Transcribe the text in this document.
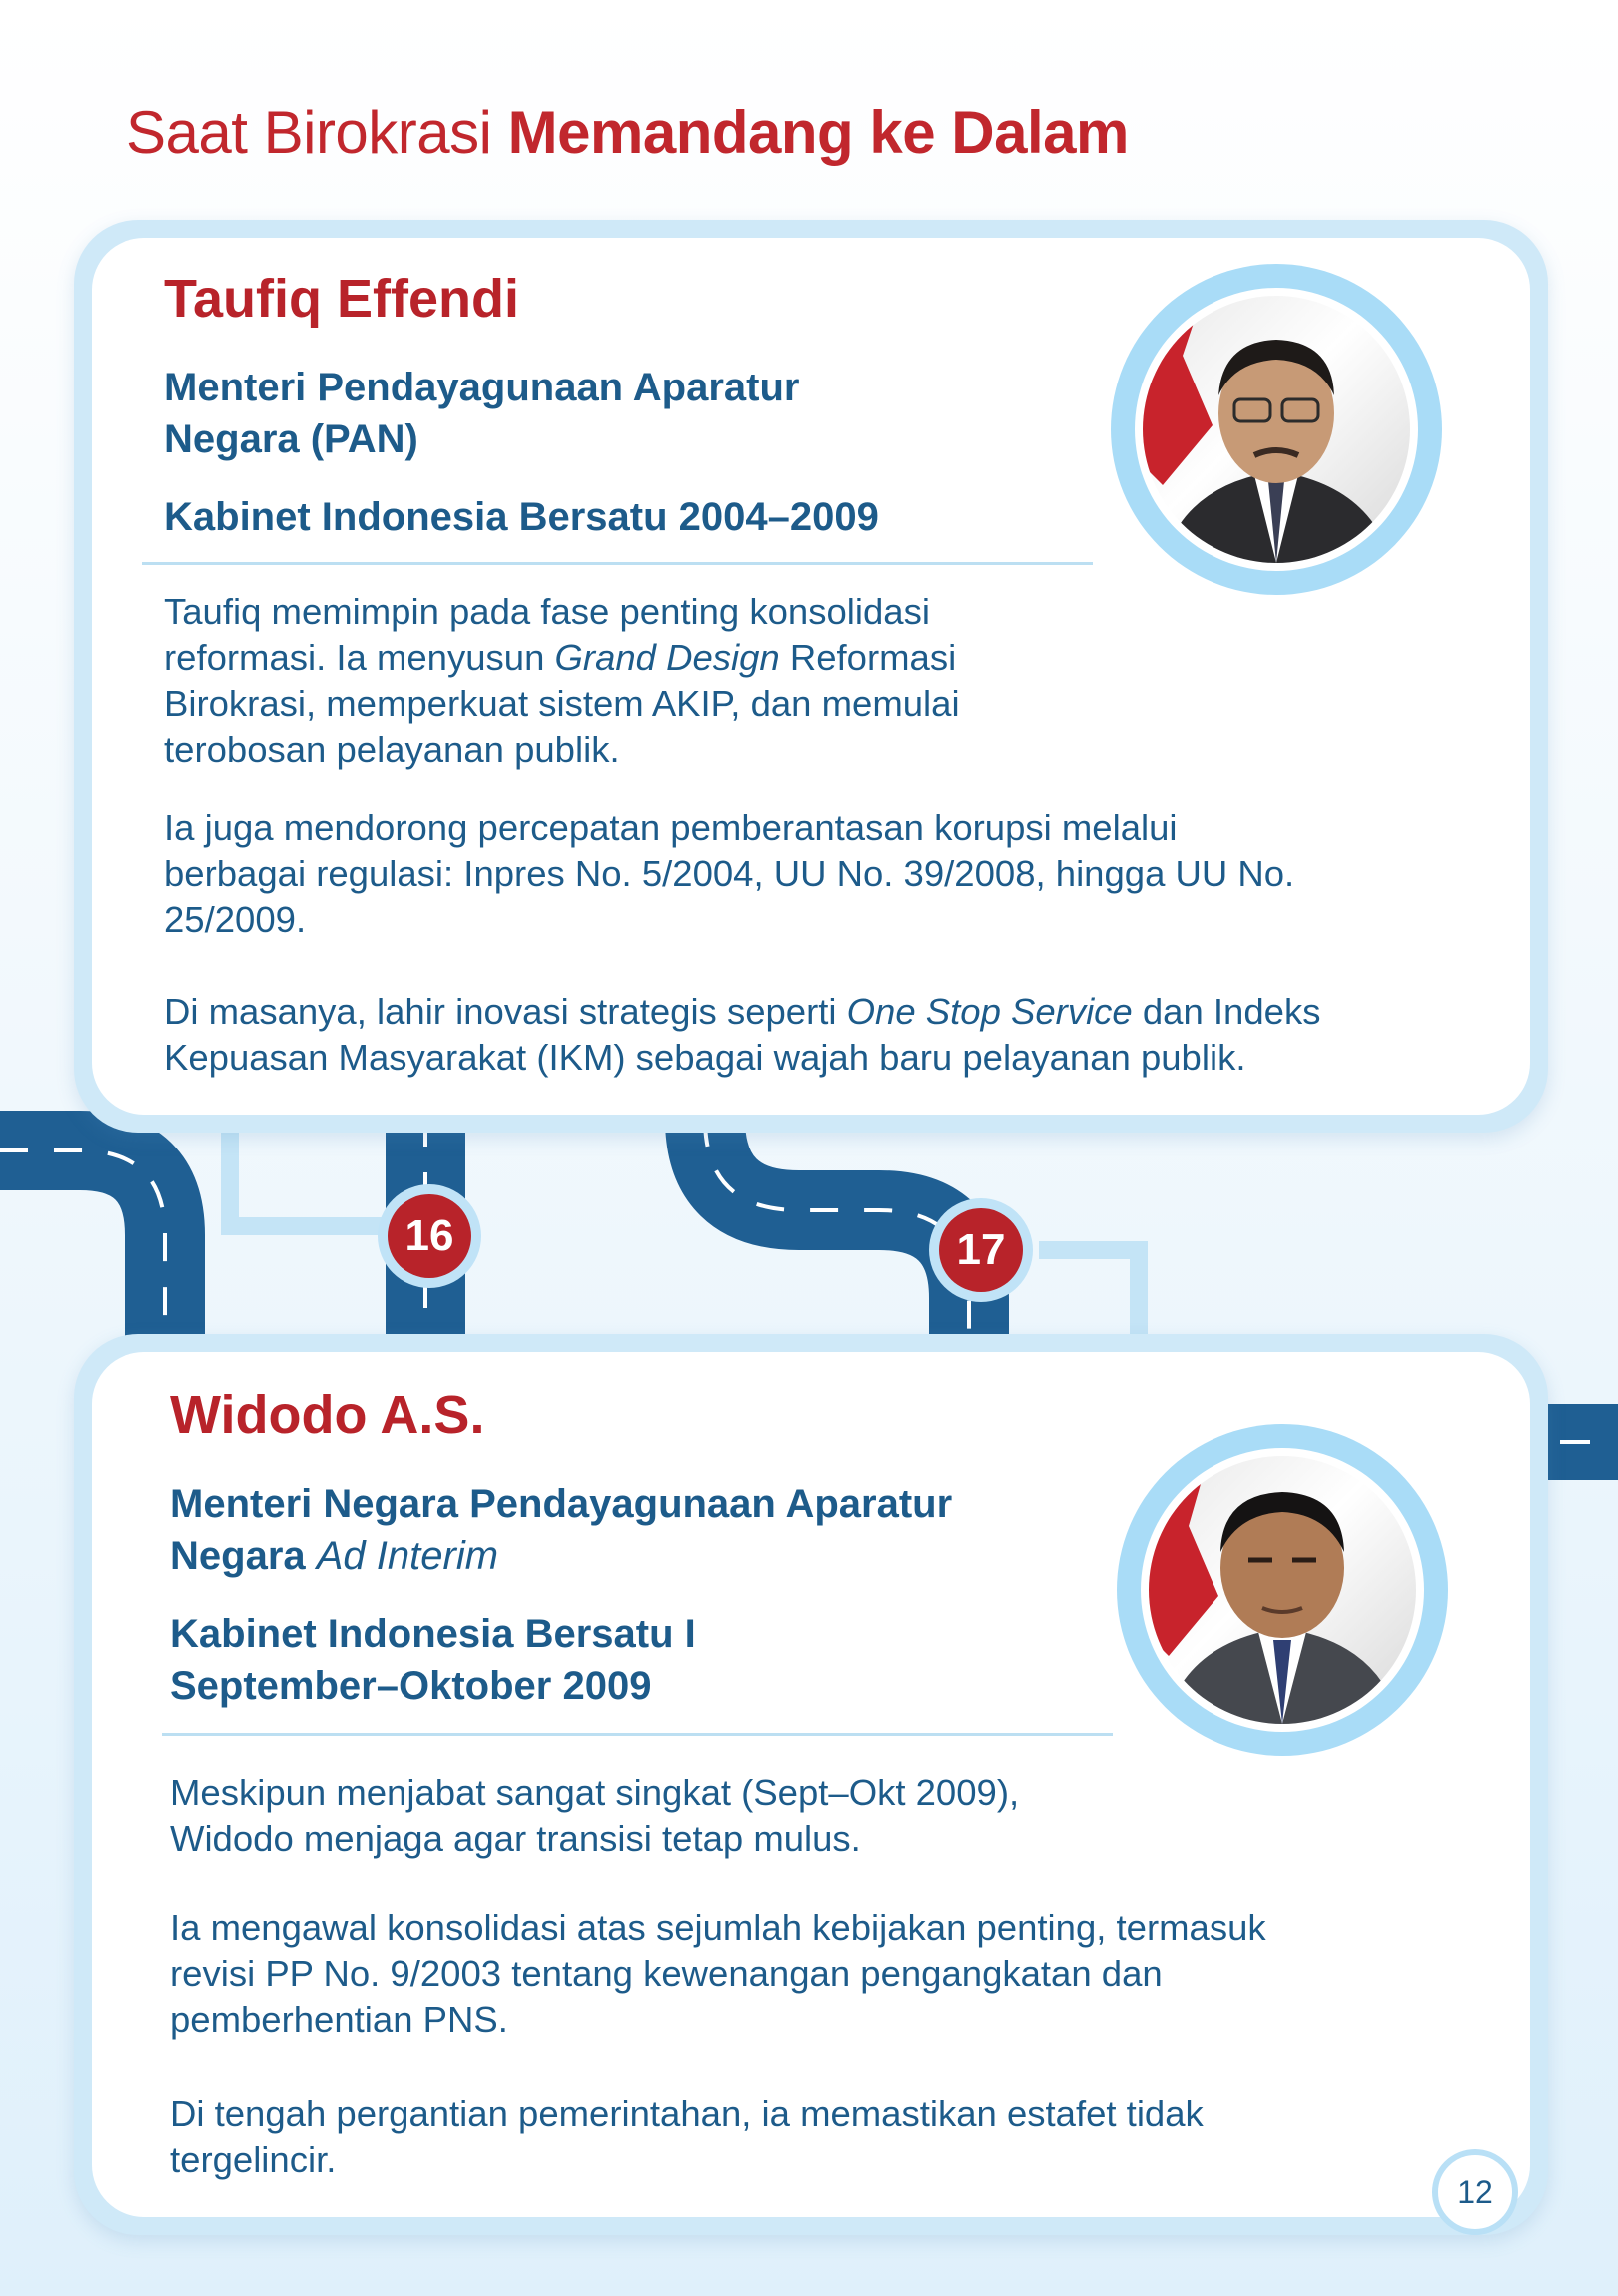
Saat Birokrasi Memandang ke Dalam
16	17
Taufiq Effendi
Menteri Pendayagunaan Aparatur
Negara (PAN)
Kabinet Indonesia Bersatu 2004–2009
Taufiq memimpin pada fase penting konsolidasi
reformasi. Ia menyusun Grand Design Reformasi
Birokrasi, memperkuat sistem AKIP, dan memulai
terobosan pelayanan publik.
Ia juga mendorong percepatan pemberantasan korupsi melalui
berbagai regulasi: Inpres No. 5/2004, UU No. 39/2008, hingga UU No.
25/2009.
Di masanya, lahir inovasi strategis seperti One Stop Service dan Indeks
Kepuasan Masyarakat (IKM) sebagai wajah baru pelayanan publik.
Widodo A.S.
Menteri Negara Pendayagunaan Aparatur
Negara Ad Interim
Kabinet Indonesia Bersatu I
September–Oktober 2009
Meskipun menjabat sangat singkat (Sept–Okt 2009),
Widodo menjaga agar transisi tetap mulus.
Ia mengawal konsolidasi atas sejumlah kebijakan penting, termasuk
revisi PP No. 9/2003 tentang kewenangan pengangkatan dan
pemberhentian PNS.
Di tengah pergantian pemerintahan, ia memastikan estafet tidak
tergelincir.
12
